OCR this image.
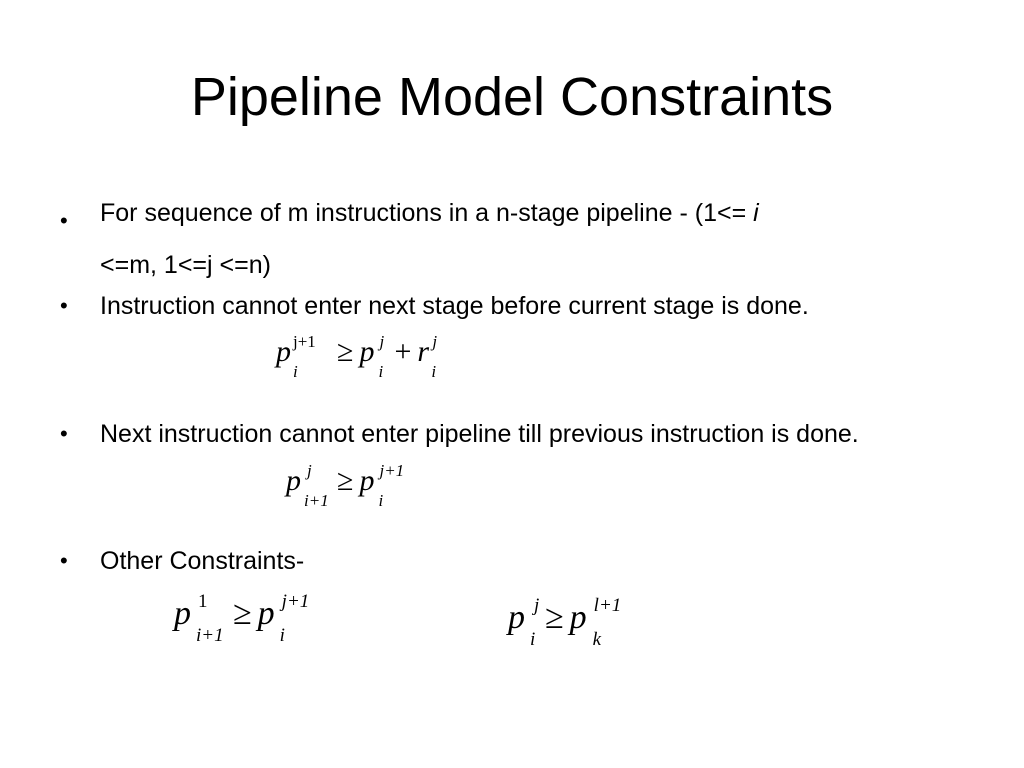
Pipeline Model Constraints
• For sequence of m instructions in a n-stage pipeline - (1<= i
<=m, 1<=j <=n)
• Instruction cannot enter next stage before current stage is done.
p j+1
i
≥ p j
i
+ r j
i
• Next instruction cannot enter pipeline till previous instruction is done.
p j
i+1
≥ p j+1
i
• Other Constraints-
p 1
i+1
≥ p j+1
i	p j
i
≥ p l+1
k
